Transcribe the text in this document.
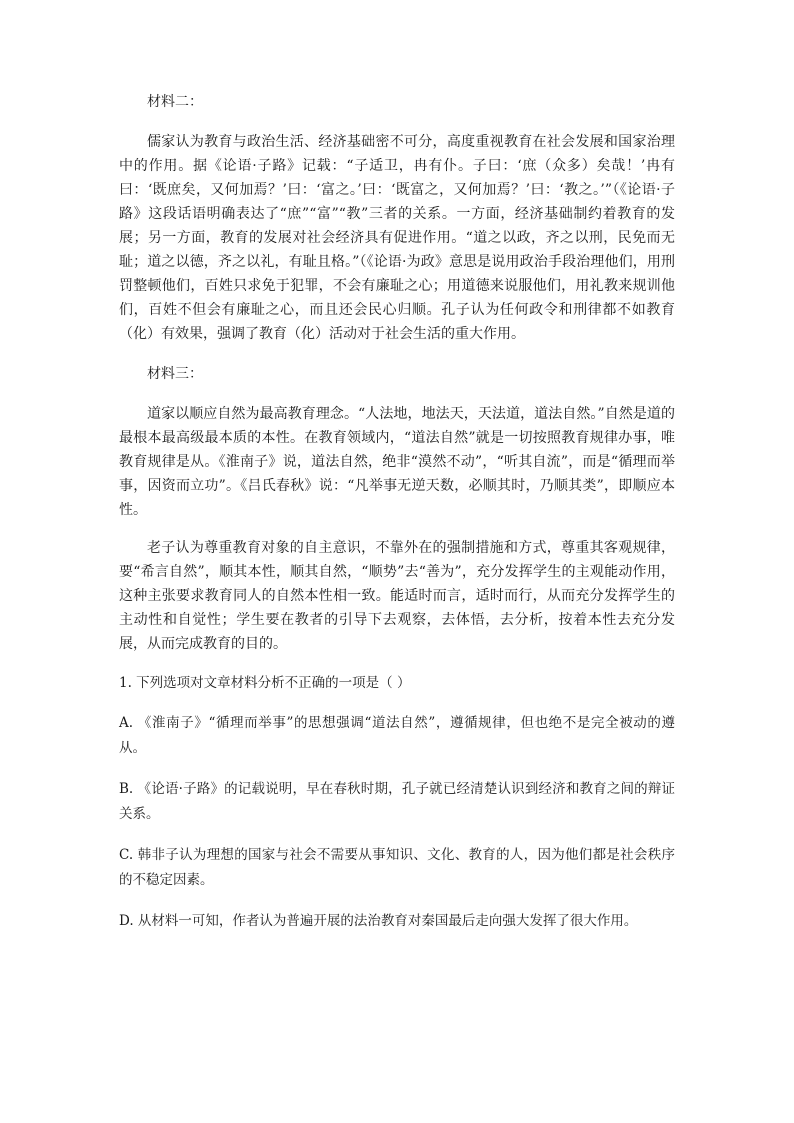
材料二：

儒家认为教育与政治生活、经济基础密不可分，高度重视教育在社会发展和国家治理中的作用。据《论语·子路》记载：“子适卫，冉有仆。子曰：‘庶（众多）矣哉！’冉有曰：‘既庶矣，又何加焉？’曰：‘富之。’曰：‘既富之，又何加焉？’曰：‘教之。’”（《论语·子路》这段话语明确表达了“庶”“富”“教”三者的关系。一方面，经济基础制约着教育的发展；另一方面，教育的发展对社会经济具有促进作用。“道之以政，齐之以刑，民免而无耻；道之以德，齐之以礼，有耻且格。”（《论语·为政》意思是说用政治手段治理他们，用刑罚整顿他们，百姓只求免于犯罪，不会有廉耻之心；用道德来说服他们，用礼教来规训他们，百姓不但会有廉耻之心，而且还会民心归顺。孔子认为任何政令和刑律都不如教育（化）有效果，强调了教育（化）活动对于社会生活的重大作用。

材料三：

道家以顺应自然为最高教育理念。“人法地，地法天，天法道，道法自然。”自然是道的最根本最高级最本质的本性。在教育领域内，“道法自然”就是一切按照教育规律办事，唯教育规律是从。《淮南子》说，道法自然，绝非“漠然不动”，“听其自流”，而是“循理而举事，因资而立功”。《吕氏春秋》说：“凡举事无逆天数，必顺其时，乃顺其类”，即顺应本性。

老子认为尊重教育对象的自主意识，不靠外在的强制措施和方式，尊重其客观规律，要“希言自然”，顺其本性，顺其自然，“顺势”去“善为”，充分发挥学生的主观能动作用，这种主张要求教育同人的自然本性相一致。能适时而言，适时而行，从而充分发挥学生的主动性和自觉性；学生要在教者的引导下去观察，去体悟，去分析，按着本性去充分发展，从而完成教育的目的。

1. 下列选项对文章材料分析不正确的一项是（ ）

A. 《淮南子》“循理而举事”的思想强调“道法自然”，遵循规律，但也绝不是完全被动的遵从。

B. 《论语·子路》的记载说明，早在春秋时期，孔子就已经清楚认识到经济和教育之间的辩证关系。

C. 韩非子认为理想的国家与社会不需要从事知识、文化、教育的人，因为他们都是社会秩序的不稳定因素。

D. 从材料一可知，作者认为普遍开展的法治教育对秦国最后走向强大发挥了很大作用。
